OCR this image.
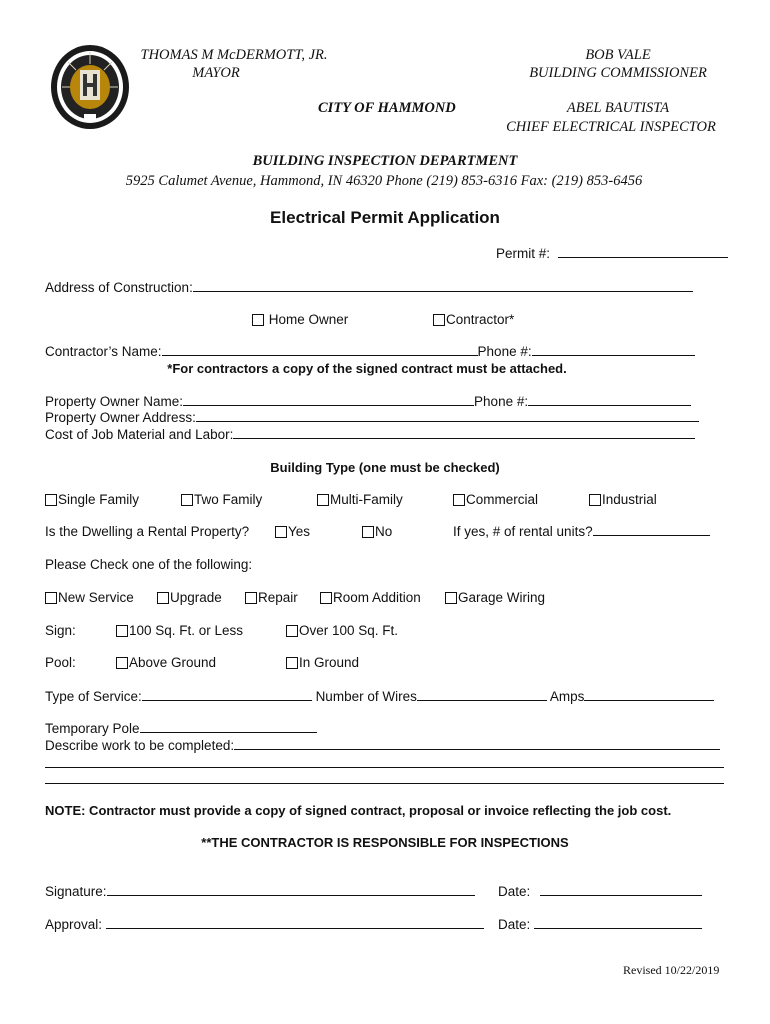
THOMAS M McDERMOTT, JR.
MAYOR
BOB VALE
BUILDING COMMISSIONER
CITY OF HAMMOND	ABEL BAUTISTA
CHIEF ELECTRICAL INSPECTOR
BUILDING INSPECTION DEPARTMENT
5925 Calumet Avenue, Hammond, IN 46320 Phone (219) 853-6316 Fax: (219) 853-6456
Electrical Permit Application
Permit #:
Address of Construction:
Home Owner	Contractor*
Contractor’s Name:	Phone #:
*For contractors a copy of the signed contract must be attached.
Property Owner Name:	Phone #:
Property Owner Address:
Cost of Job Material and Labor:
Building Type (one must be checked)
Single Family	Two Family	Multi-Family	Commercial	Industrial
Is the Dwelling a Rental Property?	Yes	No	If yes, # of rental units?
Please Check one of the following:
New Service	Upgrade	Repair	Room Addition	Garage Wiring
Sign:	100 Sq. Ft. or Less	Over 100 Sq. Ft.
Pool:	Above Ground	In Ground
Type of Service:	Number of Wires	Amps
Temporary Pole
Describe work to be completed:
NOTE: Contractor must provide a copy of signed contract, proposal or invoice reflecting the job cost.
**THE CONTRACTOR IS RESPONSIBLE FOR INSPECTIONS
Signature:	Date:
Approval:	Date:
Revised 10/22/2019
